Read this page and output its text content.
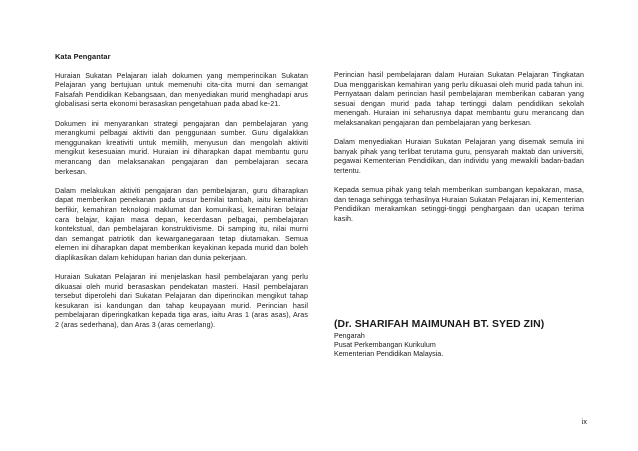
Kata Pengantar

Huraian Sukatan Pelajaran ialah dokumen yang memperincikan Sukatan Pelajaran yang bertujuan untuk memenuhi cita-cita murni dan semangat Falsafah Pendidikan Kebangsaan, dan menyediakan murid menghadapi arus globalisasi serta ekonomi berasaskan pengetahuan pada abad ke-21.

Dokumen ini menyarankan strategi pengajaran dan pembelajaran yang merangkumi pelbagai aktiviti dan penggunaan sumber. Guru digalakkan menggunakan kreativiti untuk memilih, menyusun dan mengolah aktiviti mengikut kesesuaian murid. Huraian ini diharapkan dapat membantu guru merancang dan melaksanakan pengajaran dan pembelajaran secara berkesan.

Dalam melakukan aktiviti pengajaran dan pembelajaran, guru diharapkan dapat memberikan penekanan pada unsur bernilai tambah, iaitu kemahiran berfikir, kemahiran teknologi maklumat dan komunikasi, kemahiran belajar cara belajar, kajian masa depan, kecerdasan pelbagai, pembelajaran kontekstual, dan pembelajaran konstruktivisme. Di samping itu, nilai murni dan semangat patriotik dan kewarganegaraan tetap diutamakan. Semua elemen ini diharapkan dapat memberikan keyakinan kepada murid dan boleh diaplikasikan dalam kehidupan harian dan dunia pekerjaan.

Huraian Sukatan Pelajaran ini menjelaskan hasil pembelajaran yang perlu dikuasai oleh murid berasaskan pendekatan masteri. Hasil pembelajaran tersebut diperolehi dari Sukatan Pelajaran dan diperincikan mengikut tahap kesukaran isi kandungan dan tahap keupayaan murid. Perincian hasil pembelajaran diperingkatkan kepada tiga aras, iaitu Aras 1 (aras asas), Aras 2 (aras sederhana), dan Aras 3 (aras cemerlang).

Perincian hasil pembelajaran dalam Huraian Sukatan Pelajaran Tingkatan Dua menggariskan kemahiran yang perlu dikuasai oleh murid pada tahun ini. Pernyataan dalam perincian hasil pembelajaran memberikan cabaran yang sesuai dengan murid pada tahap tertinggi dalam pendidikan sekolah menengah. Huraian ini seharusnya dapat membantu guru merancang dan melaksanakan pengajaran dan pembelajaran yang berkesan.

Dalam menyediakan Huraian Sukatan Pelajaran yang disemak semula ini banyak pihak yang terlibat terutama guru, pensyarah maktab dan universiti, pegawai Kementerian Pendidikan, dan individu yang mewakili badan-badan tertentu.

Kepada semua pihak yang telah memberikan sumbangan kepakaran, masa, dan tenaga sehingga terhasilnya Huraian Sukatan Pelajaran ini, Kementerian Pendidikan merakamkan setinggi-tinggi penghargaan dan ucapan terima kasih.

(Dr. SHARIFAH MAIMUNAH BT. SYED ZIN)
Pengarah
Pusat Perkembangan Kurikulum
Kementerian Pendidikan Malaysia.
ix
